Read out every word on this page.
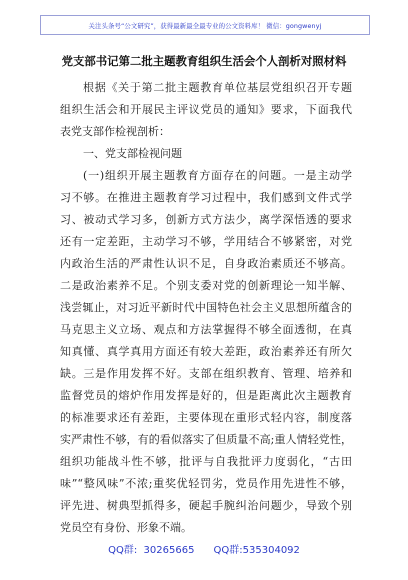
关注头条号“公文研究”，获得最新最全最专业的公文资料库！ 微信：gongwenyj
党支部书记第二批主题教育组织生活会个人剖析对照材料
根据《关于第二批主题教育单位基层党组织召开专题
组织生活会和开展民主评议党员的通知》要求，下面我代
表党支部作检视剖析：
一、党支部检视问题
(一)组织开展主题教育方面存在的问题。一是主动学
习不够。在推进主题教育学习过程中，我们感到文件式学
习、被动式学习多，创新方式方法少，离学深悟透的要求
还有一定差距，主动学习不够，学用结合不够紧密，对党
内政治生活的严肃性认识不足，自身政治素质还不够高。
二是政治素养不足。个别支委对党的创新理论一知半解、
浅尝辄止，对习近平新时代中国特色社会主义思想所蕴含的
马克思主义立场、观点和方法掌握得不够全面透彻，在真
知真懂、真学真用方面还有较大差距，政治素养还有所欠
缺。三是作用发挥不好。支部在组织教育、管理、培养和
监督党员的熔炉作用发挥是好的，但是距离此次主题教育
的标准要求还有差距，主要体现在重形式轻内容，制度落
实严肃性不够，有的看似落实了但质量不高;重人情轻党性，
组织功能战斗性不够，批评与自我批评力度弱化，“古田
味”“整风味”不浓;重奖优轻罚劣，党员作用先进性不够，
评先进、树典型抓得多，硬起手腕纠治问题少，导致个别
党员空有身份、形象不端。
QQ群:  30265665      QQ群:535304092
